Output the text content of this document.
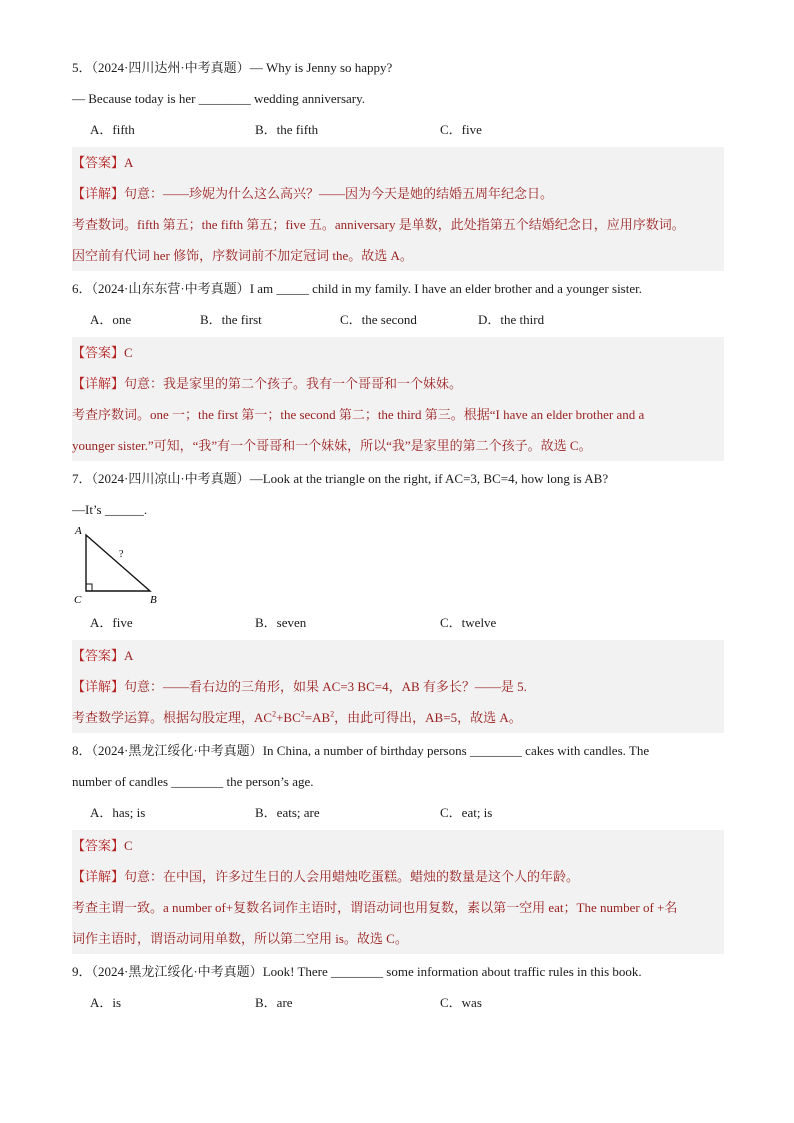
5．（2024·四川达州·中考真题）— Why is Jenny so happy?
— Because today is her ________ wedding anniversary.
A．fifth	B．the fifth	C．five
【答案】A
【详解】句意：——珍妮为什么这么高兴？——因为今天是她的结婚五周年纪念日。
考查数词。fifth 第五；the fifth 第五；five 五。anniversary 是单数，此处指第五个结婚纪念日，应用序数词。
因空前有代词 her 修饰，序数词前不加定冠词 the。故选 A。
6．（2024·山东东营·中考真题）I am _____ child in my family. I have an elder brother and a younger sister.
A．one	B．the first	C．the second	D．the third
【答案】C
【详解】句意：我是家里的第二个孩子。我有一个哥哥和一个妹妹。
考查序数词。one 一；the first 第一；the second 第二；the third 第三。根据“I have an elder brother and a
younger sister.”可知，“我”有一个哥哥和一个妹妹，所以“我”是家里的第二个孩子。故选 C。
7．（2024·四川凉山·中考真题）—Look at the triangle on the right, if AC=3, BC=4, how long is AB?
—It’s ______.
A
C	B
?
A．five	B．seven	C．twelve
【答案】A
【详解】句意：——看右边的三角形，如果 AC=3 BC=4，AB 有多长？——是 5.
考查数学运算。根据勾股定理，$AC^2+BC^2=AB^2$，由此可得出，AB=5，故选 A。
8．（2024·黑龙江绥化·中考真题）In China, a number of birthday persons ________ cakes with candles. The
number of candles ________ the person’s age.
A．has; is	B．eats; are	C．eat; is
【答案】C
【详解】句意：在中国，许多过生日的人会用蜡烛吃蛋糕。蜡烛的数量是这个人的年龄。
考查主谓一致。a number of+复数名词作主语时，谓语动词也用复数，素以第一空用 eat；The number of +名
词作主语时，谓语动词用单数，所以第二空用 is。故选 C。
9．（2024·黑龙江绥化·中考真题）Look! There ________ some information about traffic rules in this book.
A．is	B．are	C．was
